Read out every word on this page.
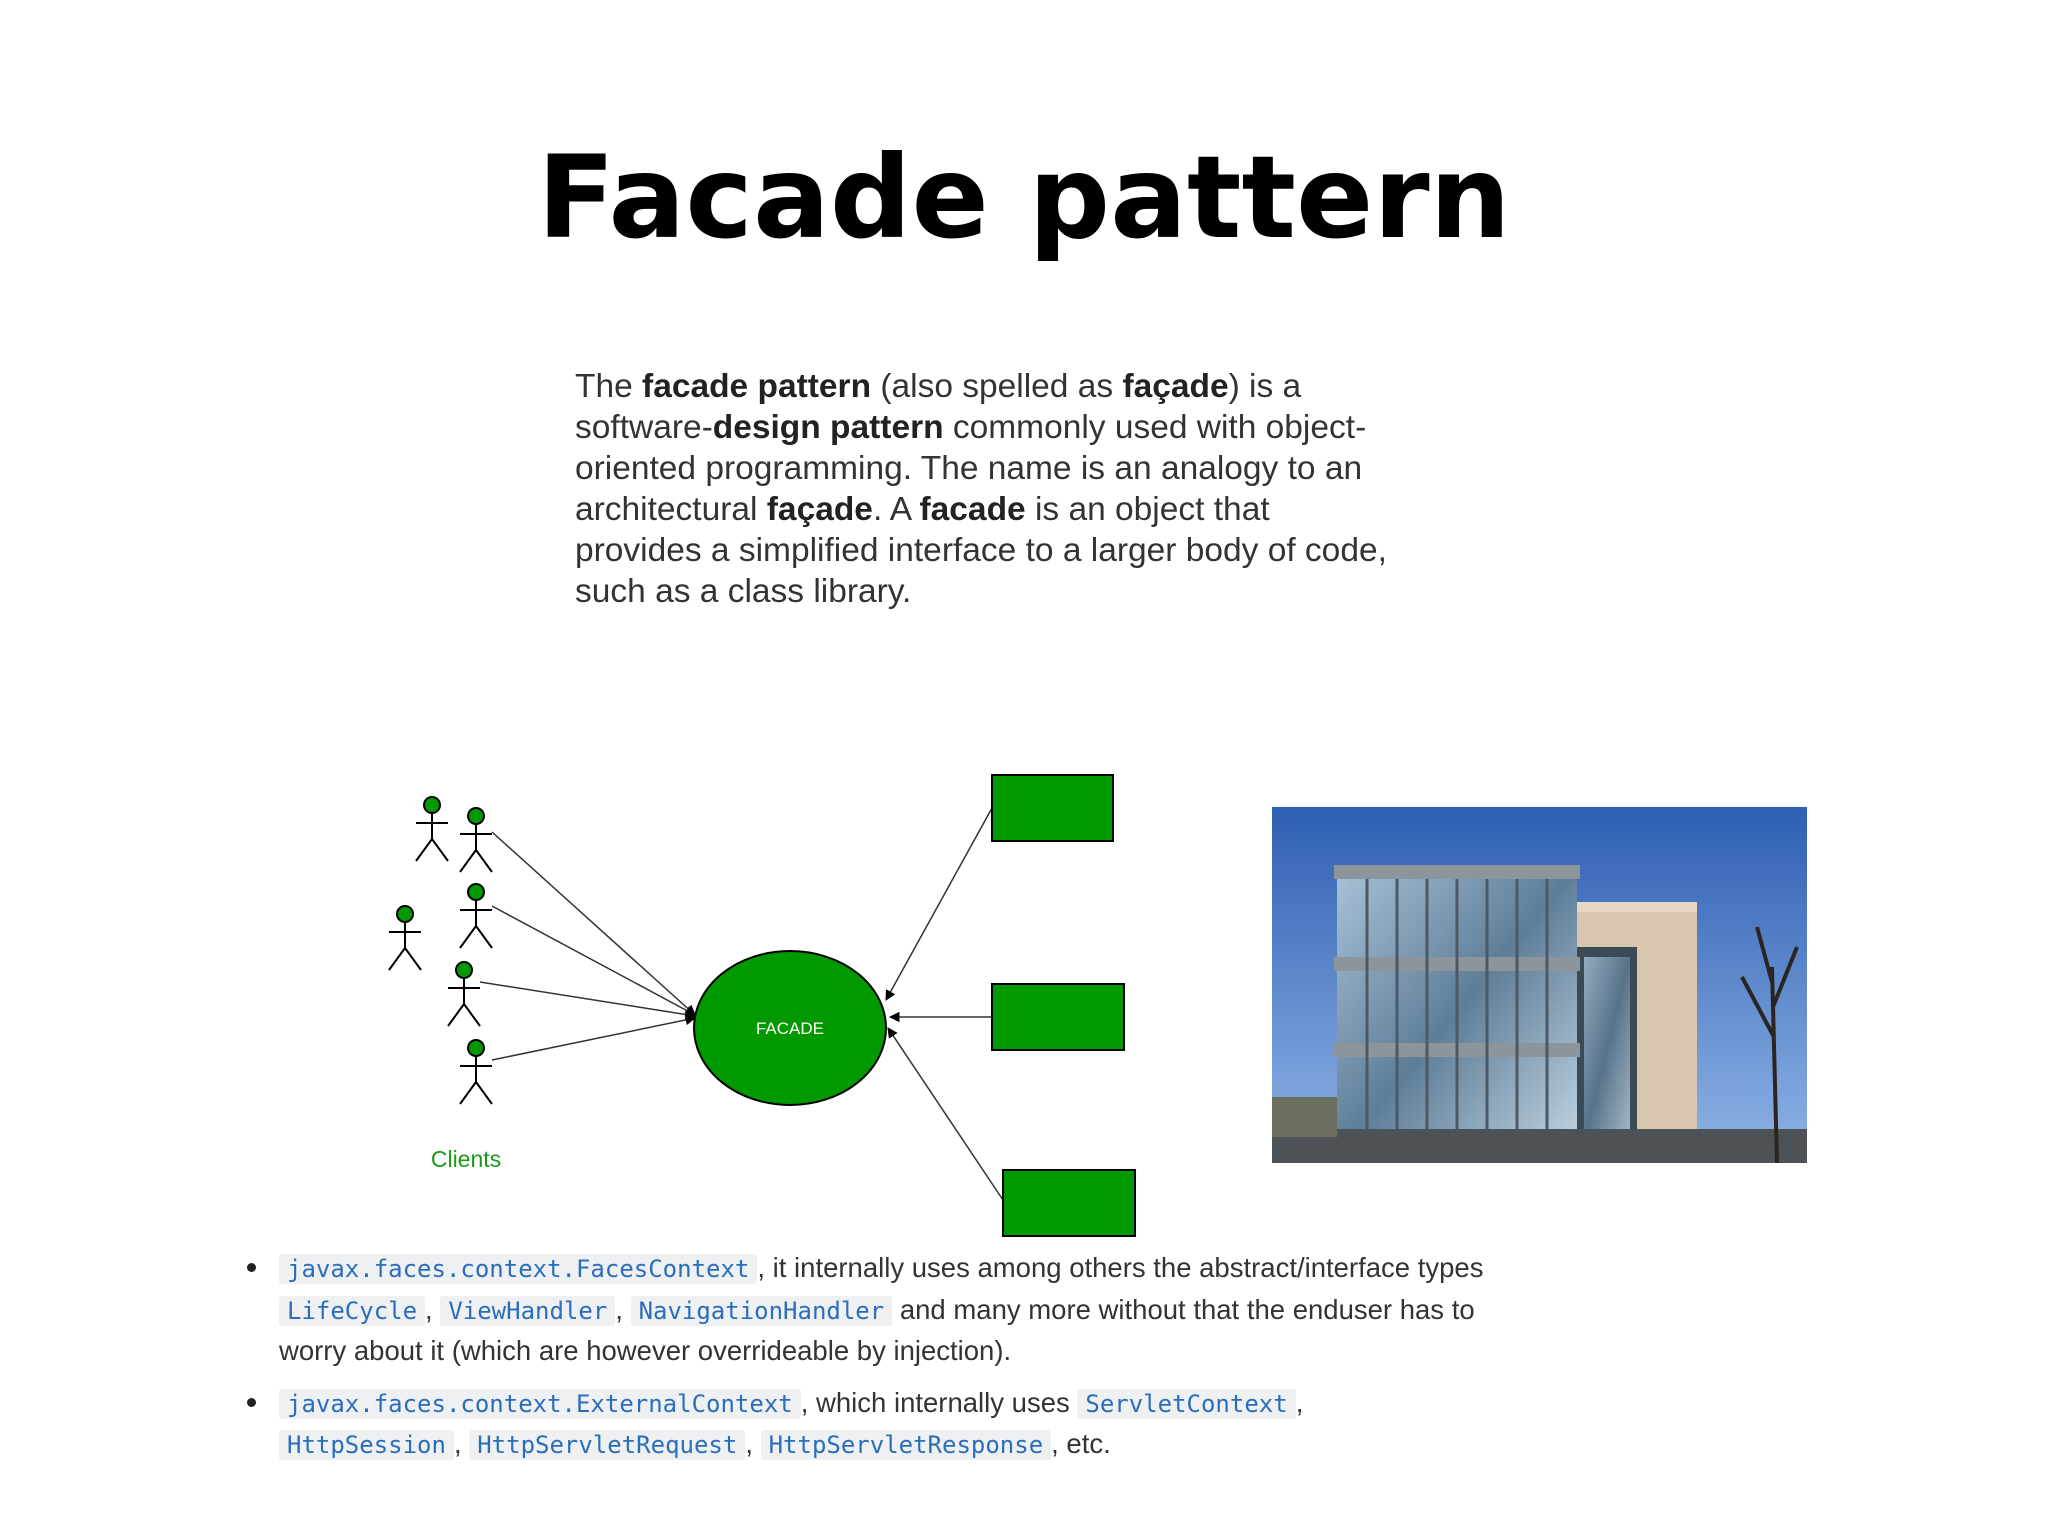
Facade pattern

The facade pattern (also spelled as façade) is a software-design pattern commonly used with object-oriented programming. The name is an analogy to an architectural façade. A facade is an object that provides a simplified interface to a larger body of code, such as a class library.

Clients
FACADE
javax.faces.context.FacesContext , it internally uses among others the abstract/interface types LifeCycle , ViewHandler , NavigationHandler and many more without that the enduser has to worry about it (which are however overrideable by injection).
javax.faces.context.ExternalContext , which internally uses ServletContext , HttpSession , HttpServletRequest , HttpServletResponse , etc.
